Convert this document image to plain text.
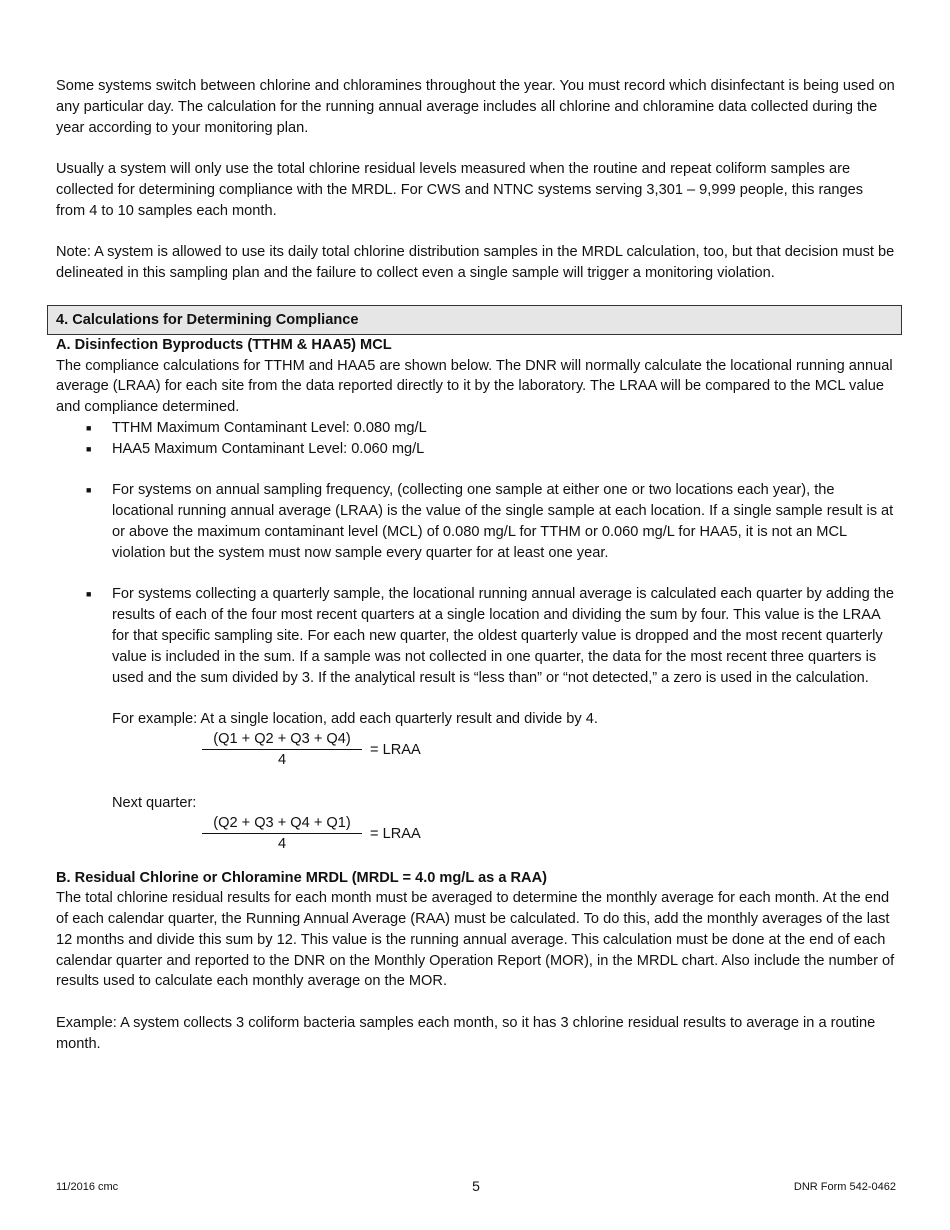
Some systems switch between chlorine and chloramines throughout the year. You must record which disinfectant is being used on any particular day. The calculation for the running annual average includes all chlorine and chloramine data collected during the year according to your monitoring plan.

Usually a system will only use the total chlorine residual levels measured when the routine and repeat coliform samples are collected for determining compliance with the MRDL. For CWS and NTNC systems serving 3,301 – 9,999 people, this ranges from 4 to 10 samples each month.

Note: A system is allowed to use its daily total chlorine distribution samples in the MRDL calculation, too, but that decision must be delineated in this sampling plan and the failure to collect even a single sample will trigger a monitoring violation.

4. Calculations for Determining Compliance
A. Disinfection Byproducts (TTHM & HAA5) MCL

The compliance calculations for TTHM and HAA5 are shown below. The DNR will normally calculate the locational running annual average (LRAA) for each site from the data reported directly to it by the laboratory. The LRAA will be compared to the MCL value and compliance determined.

■ TTHM Maximum Contaminant Level: 0.080 mg/L
■ HAA5 Maximum Contaminant Level: 0.060 mg/L
■ For systems on annual sampling frequency, (collecting one sample at either one or two locations each year), the locational running annual average (LRAA) is the value of the single sample at each location. If a single sample result is at or above the maximum contaminant level (MCL) of 0.080 mg/L for TTHM or 0.060 mg/L for HAA5, it is not an MCL violation but the system must now sample every quarter for at least one year.
■ For systems collecting a quarterly sample, the locational running annual average is calculated each quarter by adding the results of each of the four most recent quarters at a single location and dividing the sum by four. This value is the LRAA for that specific sampling site. For each new quarter, the oldest quarterly value is dropped and the most recent quarterly value is included in the sum. If a sample was not collected in one quarter, the data for the most recent three quarters is used and the sum divided by 3. If the analytical result is “less than” or “not detected,” a zero is used in the calculation.
For example: At a single location, add each quarterly result and divide by 4.
(Q1 + Q2 + Q3 + Q4)
4
= LRAA
Next quarter:
(Q2 + Q3 + Q4 + Q1)
4
= LRAA
B. Residual Chlorine or Chloramine MRDL (MRDL = 4.0 mg/L as a RAA)

The total chlorine residual results for each month must be averaged to determine the monthly average for each month. At the end of each calendar quarter, the Running Annual Average (RAA) must be calculated. To do this, add the monthly averages of the last 12 months and divide this sum by 12. This value is the running annual average. This calculation must be done at the end of each calendar quarter and reported to the DNR on the Monthly Operation Report (MOR), in the MRDL chart. Also include the number of results used to calculate each monthly average on the MOR.

Example: A system collects 3 coliform bacteria samples each month, so it has 3 chlorine residual results to average in a routine month.

11/2016 cmc	5	DNR Form 542-0462
